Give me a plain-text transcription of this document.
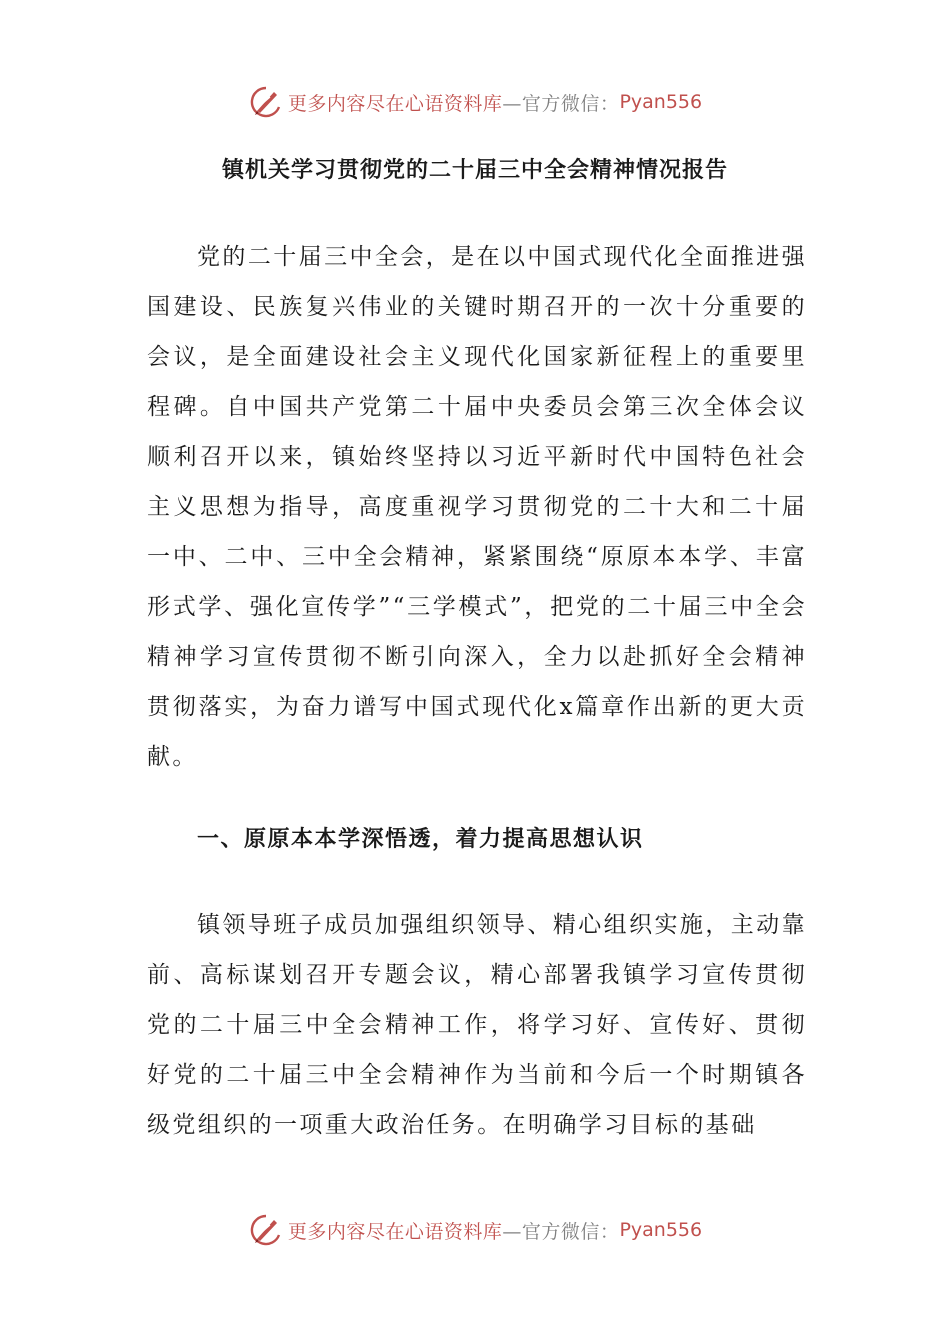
更多内容尽在心语资料库 —官方微信： Pyan556
镇机关学习贯彻党的二十届三中全会精神情况报告

党的二十届三中全会，是在以中国式现代化全面推进强国建设、民族复兴伟业的关键时期召开的一次十分重要的会议，是全面建设社会主义现代化国家新征程上的重要里程碑。自中国共产党第二十届中央委员会第三次全体会议顺利召开以来，镇始终坚持以习近平新时代中国特色社会主义思想为指导，高度重视学习贯彻党的二十大和二十届一中、二中、三中全会精神，紧紧围绕“原原本本学、丰富形式学、强化宣传学”“三学模式”，把党的二十届三中全会精神学习宣传贯彻不断引向深入，全力以赴抓好全会精神贯彻落实，为奋力谱写中国式现代化x篇章作出新的更大贡献。

一、原原本本学深悟透，着力提高思想认识

镇领导班子成员加强组织领导、精心组织实施，主动靠前、高标谋划召开专题会议，精心部署我镇学习宣传贯彻党的二十届三中全会精神工作，将学习好、宣传好、贯彻好党的二十届三中全会精神作为当前和今后一个时期镇各级党组织的一项重大政治任务。在明确学习目标的基础

更多内容尽在心语资料库 —官方微信： Pyan556
